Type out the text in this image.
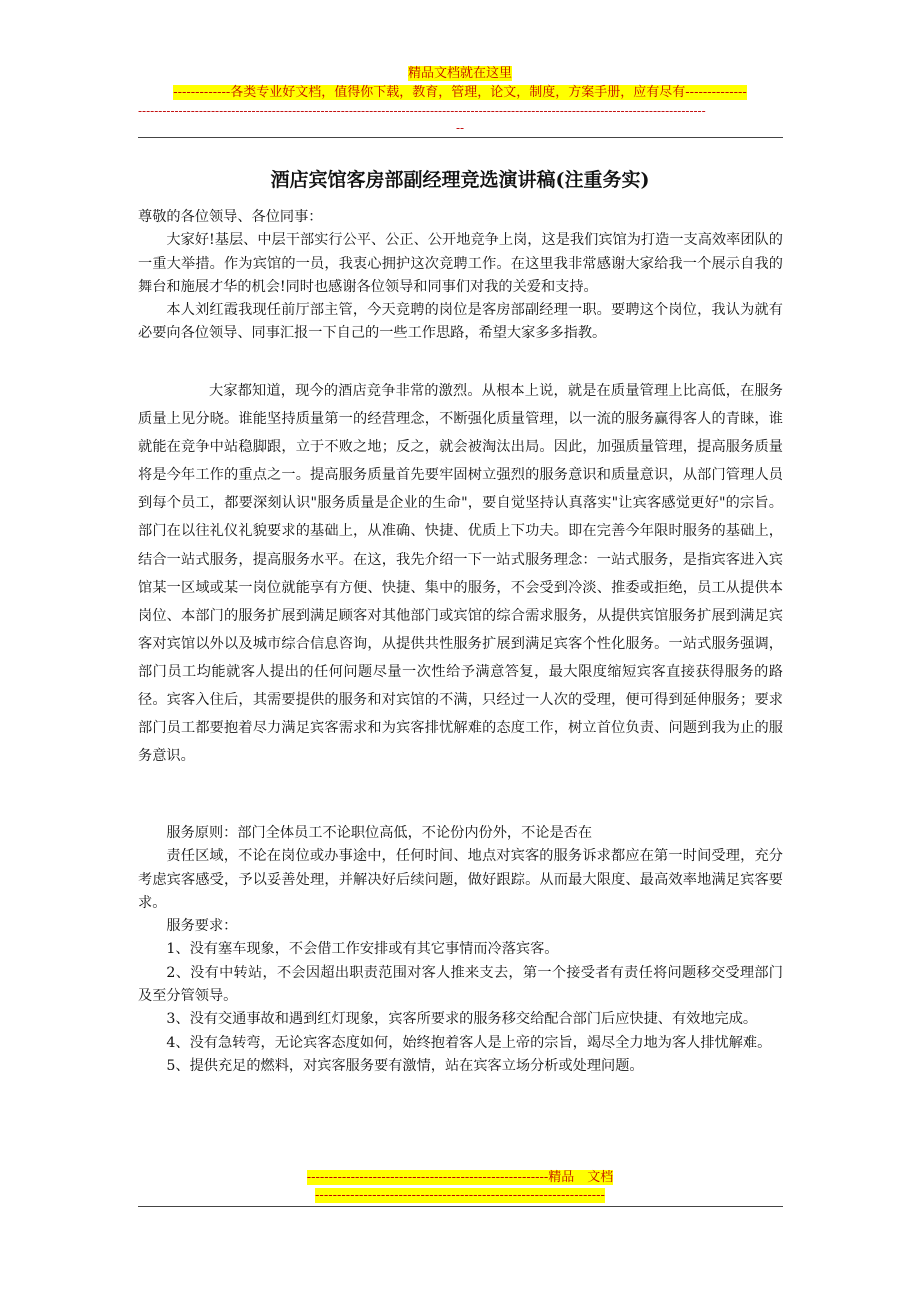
精品文档就在这里
-------------各类专业好文档，值得你下载，教育，管理，论文，制度，方案手册，应有尽有--------------
--------------------------------------------------------------------------------------------------------------------------------------------
--
酒店宾馆客房部副经理竞选演讲稿(注重务实)

尊敬的各位领导、各位同事：

大家好!基层、中层干部实行公平、公正、公开地竞争上岗，这是我们宾馆为打造一支高效率团队的一重大举措。作为宾馆的一员，我衷心拥护这次竞聘工作。在这里我非常感谢大家给我一个展示自我的舞台和施展才华的机会!同时也感谢各位领导和同事们对我的关爱和支持。

本人刘红霞我现任前厅部主管，今天竞聘的岗位是客房部副经理一职。要聘这个岗位，我认为就有必要向各位领导、同事汇报一下自己的一些工作思路，希望大家多多指教。

大家都知道，现今的酒店竞争非常的激烈。从根本上说，就是在质量管理上比高低，在服务质量上见分晓。谁能坚持质量第一的经营理念，不断强化质量管理，以一流的服务赢得客人的青睐，谁就能在竞争中站稳脚跟，立于不败之地；反之，就会被淘汰出局。因此，加强质量管理，提高服务质量将是今年工作的重点之一。提高服务质量首先要牢固树立强烈的服务意识和质量意识，从部门管理人员到每个员工，都要深刻认识"服务质量是企业的生命"，要自觉坚持认真落实"让宾客感觉更好"的宗旨。部门在以往礼仪礼貌要求的基础上，从准确、快捷、优质上下功夫。即在完善今年限时服务的基础上，结合一站式服务，提高服务水平。在这，我先介绍一下一站式服务理念：一站式服务，是指宾客进入宾馆某一区域或某一岗位就能享有方便、快捷、集中的服务，不会受到冷淡、推委或拒绝，员工从提供本岗位、本部门的服务扩展到满足顾客对其他部门或宾馆的综合需求服务，从提供宾馆服务扩展到满足宾客对宾馆以外以及城市综合信息咨询，从提供共性服务扩展到满足宾客个性化服务。一站式服务强调，部门员工均能就客人提出的任何问题尽量一次性给予满意答复，最大限度缩短宾客直接获得服务的路径。宾客入住后，其需要提供的服务和对宾馆的不满，只经过一人次的受理，便可得到延伸服务；要求部门员工都要抱着尽力满足宾客需求和为宾客排忧解难的态度工作，树立首位负责、问题到我为止的服务意识。

服务原则：部门全体员工不论职位高低，不论份内份外，不论是否在

责任区域，不论在岗位或办事途中，任何时间、地点对宾客的服务诉求都应在第一时间受理，充分考虑宾客感受，予以妥善处理，并解决好后续问题，做好跟踪。从而最大限度、最高效率地满足宾客要求。

服务要求：

1、没有塞车现象，不会借工作安排或有其它事情而冷落宾客。

2、没有中转站，不会因超出职责范围对客人推来支去，第一个接受者有责任将问题移交受理部门及至分管领导。

3、没有交通事故和遇到红灯现象，宾客所要求的服务移交给配合部门后应快捷、有效地完成。

4、没有急转弯，无论宾客态度如何，始终抱着客人是上帝的宗旨，竭尽全力地为客人排忧解难。

5、提供充足的燃料，对宾客服务要有激情，站在宾客立场分析或处理问题。

-------------------------------------------------------精品　文档
------------------------------------------------------------------
